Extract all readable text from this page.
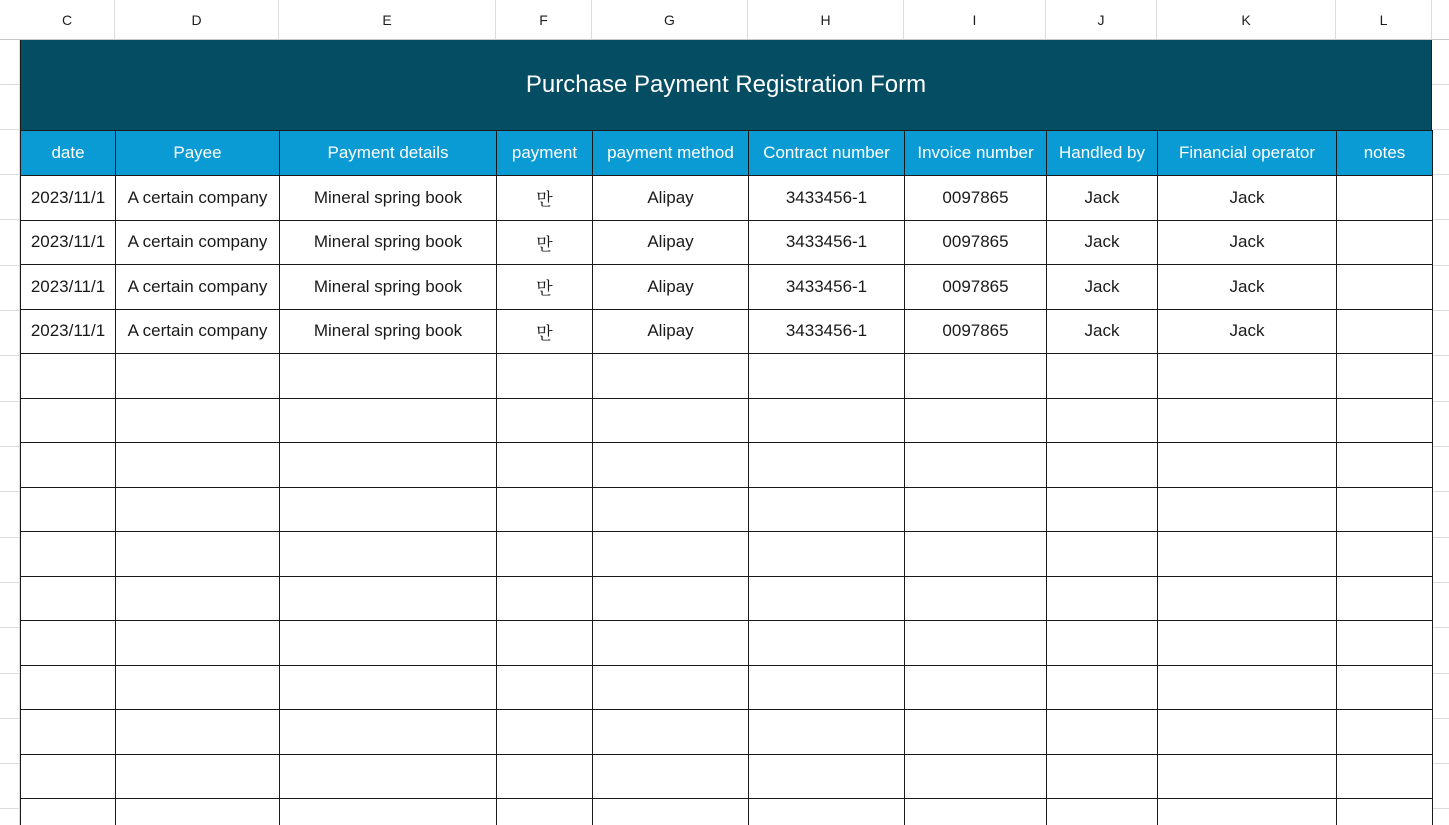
C	D	E	F	G	H	I	J	K	L
Purchase Payment Registration Form
date	Payee	Payment details	payment	payment method	Contract number	Invoice number	Handled by	Financial operator	notes
2023/11/1	A certain company	Mineral spring book	만	Alipay	3433456-1	0097865	Jack	Jack	
2023/11/1	A certain company	Mineral spring book	만	Alipay	3433456-1	0097865	Jack	Jack	
2023/11/1	A certain company	Mineral spring book	만	Alipay	3433456-1	0097865	Jack	Jack	
2023/11/1	A certain company	Mineral spring book	만	Alipay	3433456-1	0097865	Jack	Jack	
